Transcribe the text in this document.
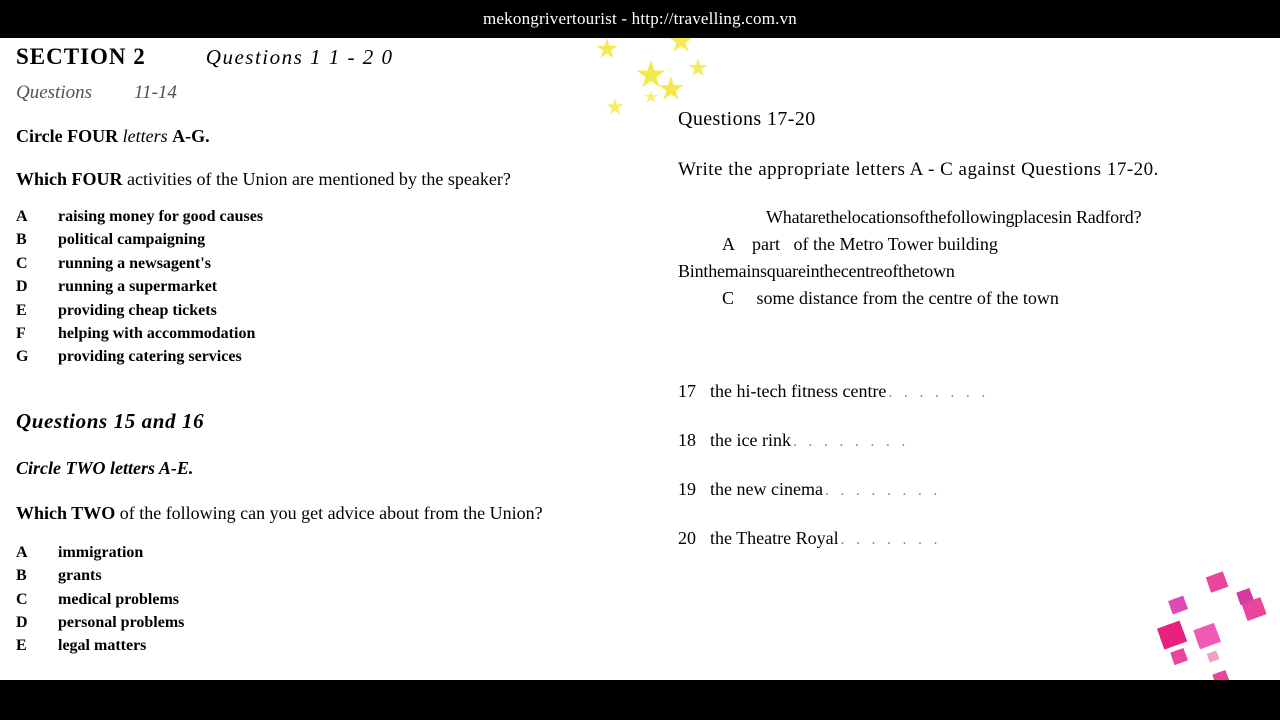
mekongrivertourist - http://travelling.com.vn
SECTION 2	Questions 1 1 - 2 0
Questions 11-14
Circle FOUR letters A-G.
Which FOUR activities of the Union are mentioned by the speaker?
A	raising money for good causes
B	political campaigning
C	running a newsagent's
D	running a supermarket
E	providing cheap tickets
F	helping with accommodation
G	providing catering services
Questions 15 and 16
Circle TWO letters A-E.
Which TWO of the following can you get advice about from the Union?
A	immigration
B	grants
C	medical problems
D	personal problems
E	legal matters
Questions 17-20
Write the appropriate letters A - C against Questions 17-20.
Whatarethelocationsofthefollowingplacesin Radford?
A    part   of the Metro Tower building
Binthemainsquareinthecentreofthetown
C     some distance from the centre of the town
17 the hi-tech fitness centre . . . . . . .
18 the ice rink . . . . . . . .
19 the new cinema . . . . . . . .
20 the Theatre Royal . . . . . . .
